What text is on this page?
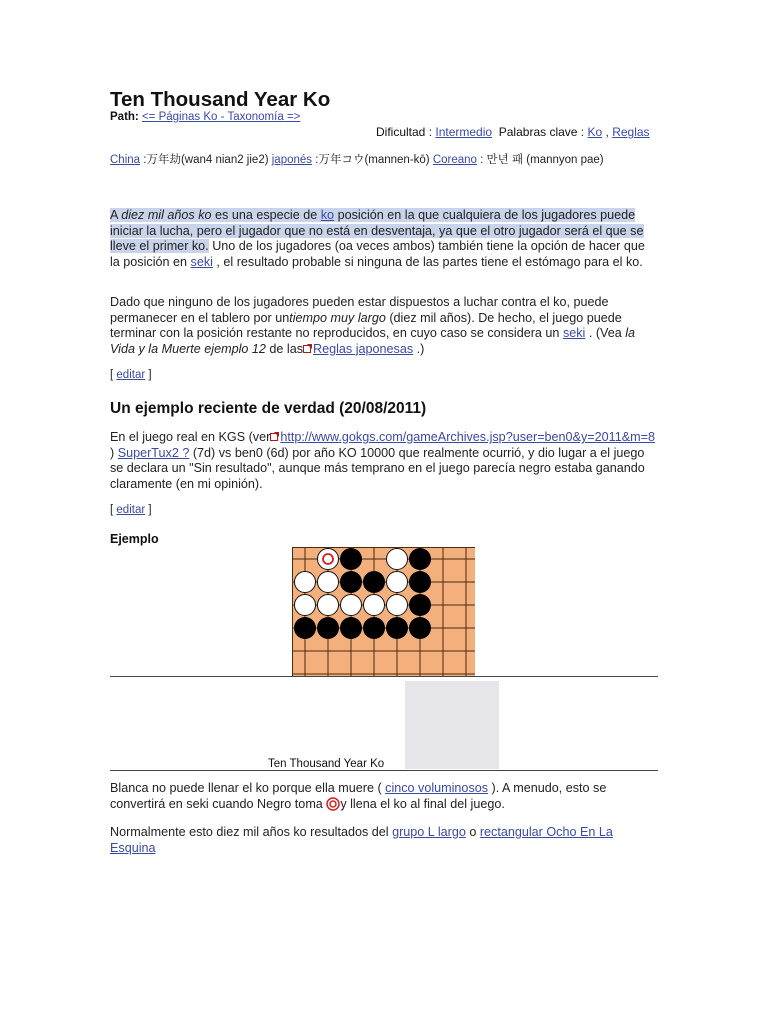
Ten Thousand Year Ko
Path: <= Páginas Ko - Taxonomía =>
Dificultad : Intermedio Palabras clave : Ko , Reglas
China :万年劫(wan4 nian2 jie2) japonés :万年コウ(mannen-kō) Coreano : 만년 패 (mannyon pae)

A diez mil años ko es una especie de ko posición en la que cualquiera de los jugadores puede iniciar la lucha, pero el jugador que no está en desventaja, ya que el otro jugador será el que se lleve el primer ko. Uno de los jugadores (oa veces ambos) también tiene la opción de hacer que la posición en seki , el resultado probable si ninguna de las partes tiene el estómago para el ko.

Dado que ninguno de los jugadores pueden estar dispuestos a luchar contra el ko, puede permanecer en el tablero por untiempo muy largo (diez mil años). De hecho, el juego puede terminar con la posición restante no reproducidos, en cuyo caso se considera un seki . (Vea la Vida y la Muerte ejemplo 12 de las Reglas japonesas .)

[ editar ]
Un ejemplo reciente de verdad (20/08/2011)

En el juego real en KGS (ver http://www.gokgs.com/gameArchives.jsp?user=ben0&y=2011&m=8 ) SuperTux2 ? (7d) vs ben0 (6d) por año KO 10000 que realmente ocurrió, y dio lugar a el juego se declara un "Sin resultado", aunque más temprano en el juego parecía negro estaba ganando claramente (en mi opinión).

[ editar ]
Ejemplo
Ten Thousand Year Ko

Blanca no puede llenar el ko porque ella muere ( cinco voluminosos ). A menudo, esto se convertirá en seki cuando Negro toma y llena el ko al final del juego.

Normalmente esto diez mil años ko resultados del grupo L largo o rectangular Ocho En La Esquina
